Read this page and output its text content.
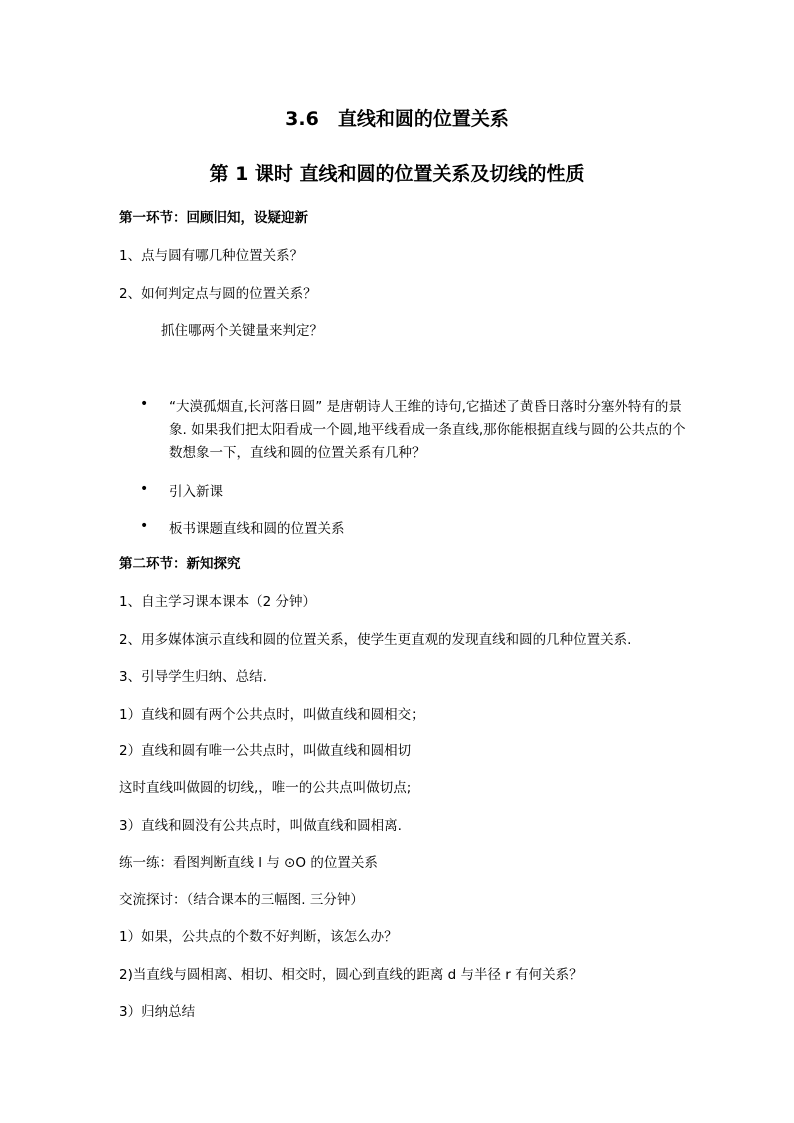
3.6　直线和圆的位置关系
第 1 课时 直线和圆的位置关系及切线的性质
第一环节：回顾旧知，设疑迎新
1、点与圆有哪几种位置关系？
2、如何判定点与圆的位置关系？
抓住哪两个关键量来判定？
• “大漠孤烟直,长河落日圆” 是唐朝诗人王维的诗句,它描述了黄昏日落时分塞外特有的景象. 如果我们把太阳看成一个圆,地平线看成一条直线,那你能根据直线与圆的公共点的个数想象一下，直线和圆的位置关系有几种？
• 引入新课
• 板书课题直线和圆的位置关系
第二环节：新知探究
1、自主学习课本课本（2 分钟）
2、用多媒体演示直线和圆的位置关系，使学生更直观的发现直线和圆的几种位置关系.
3、引导学生归纳、总结.
1）直线和圆有两个公共点时，叫做直线和圆相交；
2）直线和圆有唯一公共点时，叫做直线和圆相切
这时直线叫做圆的切线,，唯一的公共点叫做切点;
3）直线和圆没有公共点时，叫做直线和圆相离.
练一练：看图判断直线 l 与 ⊙O 的位置关系
交流探讨：（结合课本的三幅图. 三分钟）
1）如果，公共点的个数不好判断，该怎么办？
2)当直线与圆相离、相切、相交时，圆心到直线的距离 d 与半径 r 有何关系？
3）归纳总结
